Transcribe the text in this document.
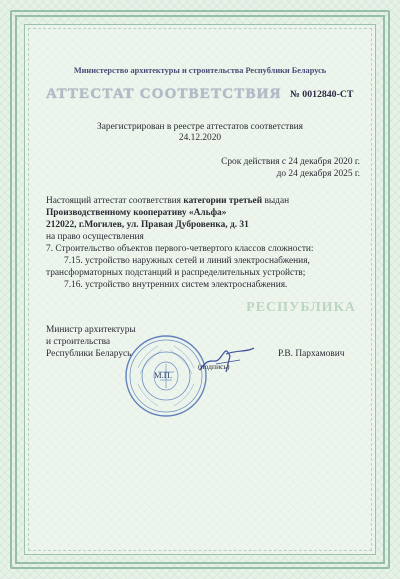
РЕСПУБЛИКА
Министерство архитектуры и строительства Республики Беларусь
АТТЕСТАТ СООТВЕТСТВИЯ № 0012840-СТ
Зарегистрирован в реестре аттестатов соответствия
24.12.2020
Срок действия с 24 декабря 2020 г.
до 24 декабря 2025 г.
Настоящий аттестат соответствия категории третьей выдан
Производственному кооперативу «Альфа»
212022, г.Могилев, ул. Правая Дубровенка, д. 31
на право осуществления
7. Строительство объектов первого-четвертого классов сложности:
7.15. устройство наружных сетей и линий электроснабжения,
трансформаторных подстанций и распределительных устройств;
7.16. устройство внутренних систем электроснабжения.
Министр архитектуры
и строительства
Республики Беларусь
М.П.
(подпись)
Р.В. Пархамович
